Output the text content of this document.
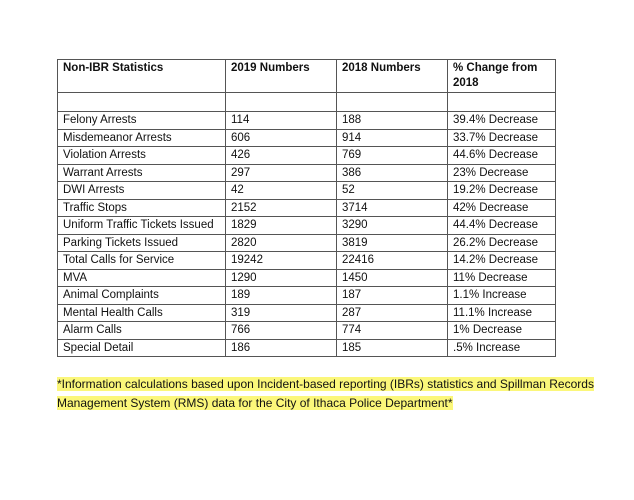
Non-IBR Statistics	2019 Numbers	2018 Numbers	% Change from 2018

Felony Arrests	114	188	39.4% Decrease
Misdemeanor Arrests	606	914	33.7% Decrease
Violation Arrests	426	769	44.6% Decrease
Warrant Arrests	297	386	23% Decrease
DWI Arrests	42	52	19.2% Decrease
Traffic Stops	2152	3714	42% Decrease
Uniform Traffic Tickets Issued	1829	3290	44.4% Decrease
Parking Tickets Issued	2820	3819	26.2% Decrease
Total Calls for Service	19242	22416	14.2% Decrease
MVA	1290	1450	11% Decrease
Animal Complaints	189	187	1.1% Increase
Mental Health Calls	319	287	11.1% Increase
Alarm Calls	766	774	1% Decrease
Special Detail	186	185	.5% Increase
*Information calculations based upon Incident-based reporting (IBRs) statistics and Spillman Records
Management System (RMS) data for the City of Ithaca Police Department*
